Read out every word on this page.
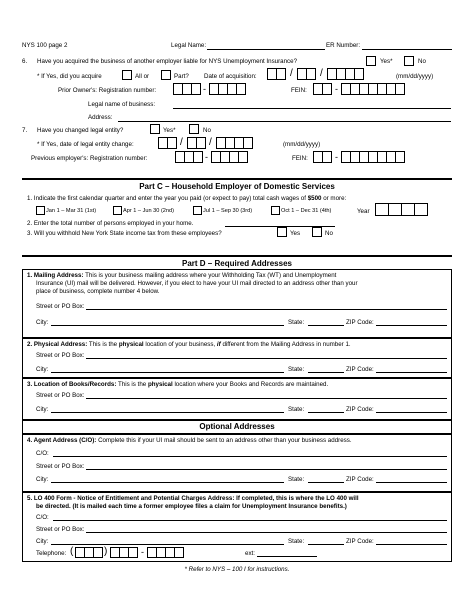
NYS 100 page 2	Legal Name:	ER Number:
6. Have you acquired the business of another employer liable for NYS Unemployment Insurance?	Yes*	No
* If Yes, did you acquire	All or	Part? Date of acquisition:	/	/	(mm/dd/yyyy)
Prior Owner's: Registration number:	-	FEIN:	-
Legal name of business:
Address:
7. Have you changed legal entity?	Yes*	No
* If Yes, date of legal entity change:	/	/	(mm/dd/yyyy)
Previous employer's: Registration number:	-	FEIN:	-
Part C – Household Employer of Domestic Services
1. Indicate the first calendar quarter and enter the year you paid (or expect to pay) total cash wages of $500 or more:
Jan 1 – Mar 31 (1st)	Apr 1 – Jun 30 (2nd)	Jul 1 – Sep 30 (3rd)	Oct 1 – Dec 31 (4th)	Year
2. Enter the total number of persons employed in your home.
3. Will you withhold New York State income tax from these employees?	Yes	No
Part D – Required Addresses
1. Mailing Address: This is your business mailing address where your Withholding Tax (WT) and Unemployment
Insurance (UI) mail will be delivered. However, if you elect to have your UI mail directed to an address other than your
place of business, complete number 4 below.
Street or PO Box:
City:	State:	ZIP Code:
2. Physical Address: This is the physical location of your business, if different from the Mailing Address in number 1.
Street or PO Box:
City:	State:	ZIP Code:
3. Location of Books/Records: This is the physical location where your Books and Records are maintained.
Street or PO Box:
City:	State:	ZIP Code:
Optional Addresses
4. Agent Address (C/O): Complete this if your UI mail should be sent to an address other than your business address.
C/O:
Street or PO Box:
City:	State:	ZIP Code:
5. LO 400 Form - Notice of Entitlement and Potential Charges Address: If completed, this is where the LO 400 will
be directed. (It is mailed each time a former employee files a claim for Unemployment Insurance benefits.)
C/O:
Street or PO Box:
City:	State:	ZIP Code:
Telephone: (	)	-	ext:
* Refer to NYS – 100 I for instructions.
